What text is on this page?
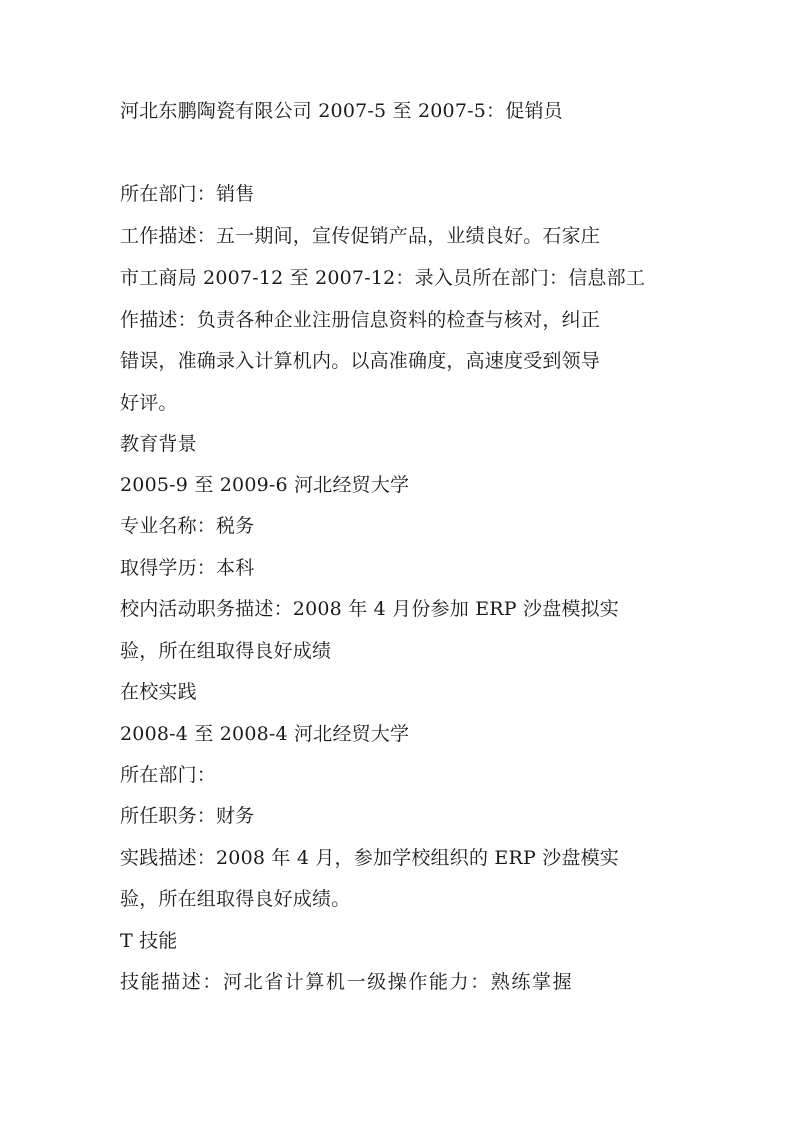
河北东鹏陶瓷有限公司 2007-5 至 2007-5：促销员
所在部门：销售
工作描述：五一期间，宣传促销产品，业绩良好。石家庄
市工商局 2007-12 至 2007-12：录入员所在部门：信息部工
作描述：负责各种企业注册信息资料的检查与核对，纠正
错误，准确录入计算机内。以高准确度，高速度受到领导
好评。
教育背景
2005-9 至 2009-6 河北经贸大学
专业名称：税务
取得学历：本科
校内活动职务描述：2008 年 4 月份参加 ERP 沙盘模拟实
验，所在组取得良好成绩
在校实践
2008-4 至 2008-4 河北经贸大学
所在部门：
所任职务：财务
实践描述：2008 年 4 月，参加学校组织的 ERP 沙盘模实
验，所在组取得良好成绩。
T 技能
技能描述：河北省计算机一级操作能力：熟练掌握
